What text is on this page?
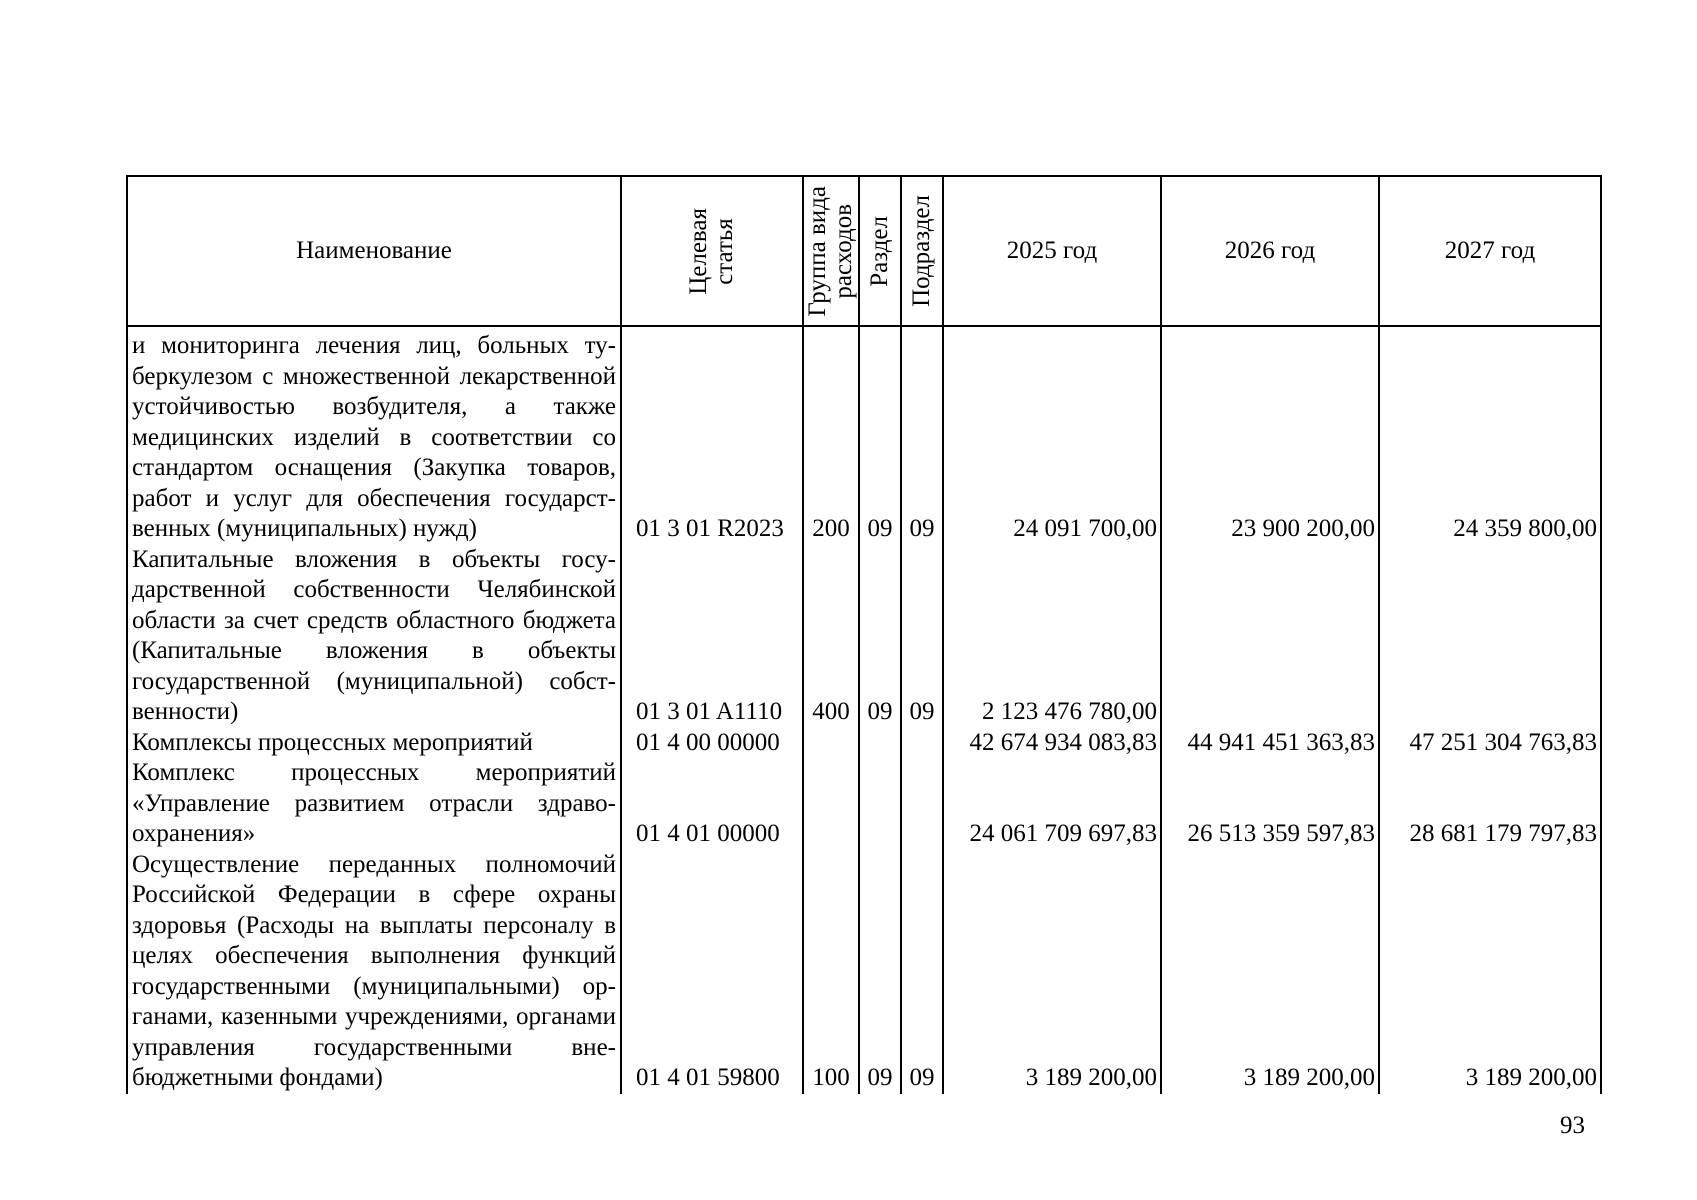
Наименование	Целевая статья	Группа вида расходов	Раздел	Подраздел	2025 год	2026 год	2027 год
и мониторинга лечения лиц, больных туберкулезом с множественной лекарственной устойчивостью возбудителя, а также медицинских изделий в соответствии со стандартом оснащения (Закупка товаров, работ и услуг для обеспечения государственных (муниципальных) нужд)	01 3 01 R2023	200	09	09	24 091 700,00	23 900 200,00	24 359 800,00
Капитальные вложения в объекты государственной собственности Челябинской области за счет средств областного бюджета (Капитальные вложения в объекты государственной (муниципальной) собственности)	01 3 01 A1110	400	09	09	2 123 476 780,00		
Комплексы процессных мероприятий	01 4 00 00000				42 674 934 083,83	44 941 451 363,83	47 251 304 763,83
Комплекс процессных мероприятий «Управление развитием отрасли здравоохранения»	01 4 01 00000				24 061 709 697,83	26 513 359 597,83	28 681 179 797,83
Осуществление переданных полномочий Российской Федерации в сфере охраны здоровья (Расходы на выплаты персоналу в целях обеспечения выполнения функций государственными (муниципальными) органами, казенными учреждениями, органами управления государственными внебюджетными фондами)	01 4 01 59800	100	09	09	3 189 200,00	3 189 200,00	3 189 200,00
93
